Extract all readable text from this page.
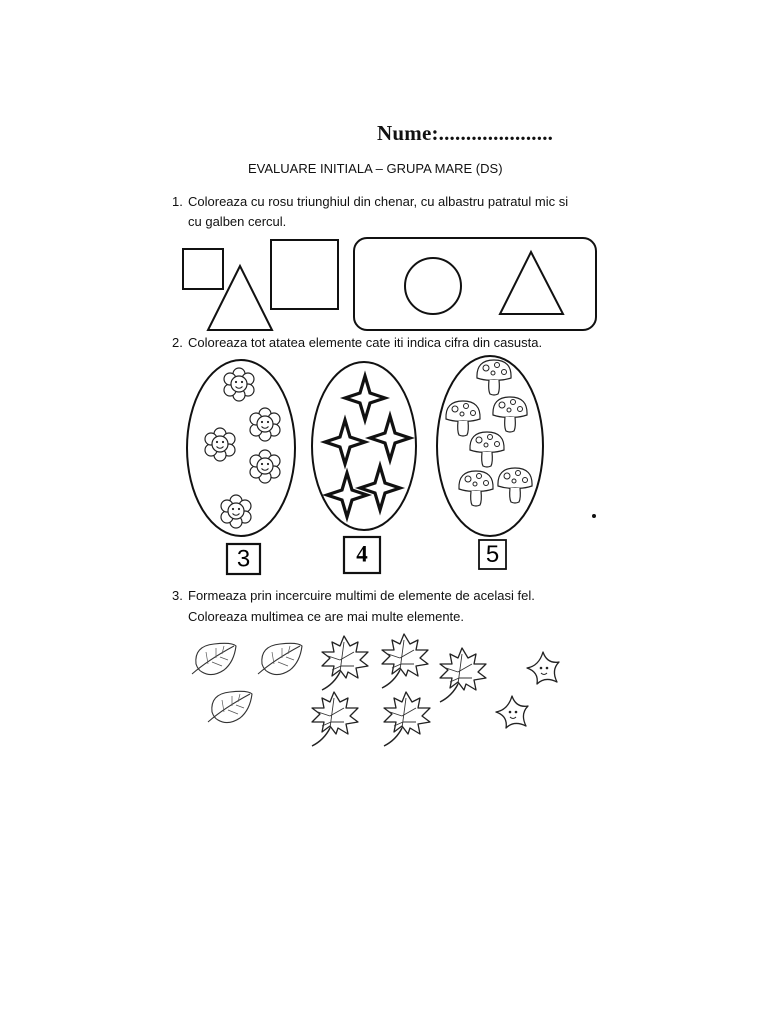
Nume:.....................
EVALUARE INITIALA – GRUPA MARE (DS)
1. Coloreaza cu rosu triunghiul din chenar, cu albastru patratul mic si
cu galben cercul.
2. Coloreaza tot atatea elemente cate iti indica cifra din casusta.
3. Formeaza prin incercuire multimi de elemente de acelasi fel.
Coloreaza multimea ce are mai multe elemente.
3	4	5
